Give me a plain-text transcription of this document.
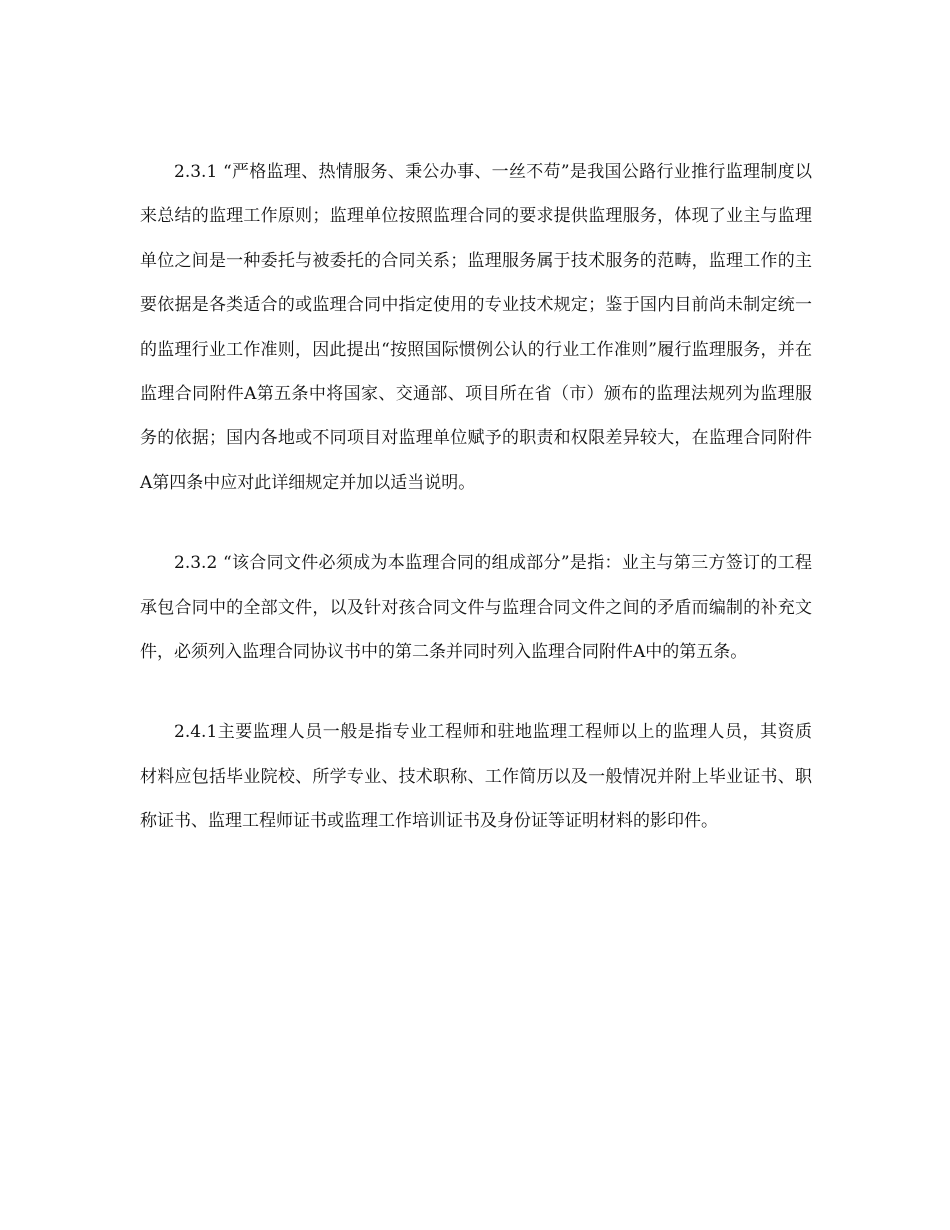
2.3.1 “严格监理、热情服务、秉公办事、一丝不苟”是我国公路行业推行监理制度以来总结的监理工作原则；监理单位按照监理合同的要求提供监理服务，体现了业主与监理单位之间是一种委托与被委托的合同关系；监理服务属于技术服务的范畴，监理工作的主要依据是各类适合的或监理合同中指定使用的专业技术规定；鉴于国内目前尚未制定统一的监理行业工作准则，因此提出“按照国际惯例公认的行业工作准则”履行监理服务，并在监理合同附件A第五条中将国家、交通部、项目所在省（市）颁布的监理法规列为监理服务的依据；国内各地或不同项目对监理单位赋予的职责和权限差异较大，在监理合同附件A第四条中应对此详细规定并加以适当说明。

2.3.2 “该合同文件必须成为本监理合同的组成部分”是指：业主与第三方签订的工程承包合同中的全部文件，以及针对孩合同文件与监理合同文件之间的矛盾而编制的补充文件，必须列入监理合同协议书中的第二条并同时列入监理合同附件A中的第五条。

2.4.1主要监理人员一般是指专业工程师和驻地监理工程师以上的监理人员，其资质材料应包括毕业院校、所学专业、技术职称、工作简历以及一般情况并附上毕业证书、职称证书、监理工程师证书或监理工作培训证书及身份证等证明材料的影印件。
